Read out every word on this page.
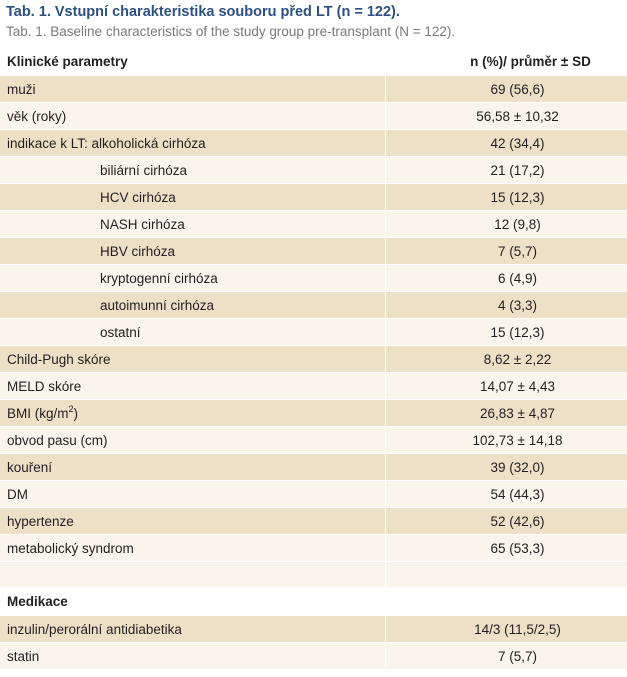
Tab. 1. Vstupní charakteristika souboru před LT (n = 122).

Tab. 1. Baseline characteristics of the study group pre-transplant (N = 122).

Klinické parametry	n (%)/ průměr ± SD
muži	69 (56,6)
věk (roky)	56,58 ± 10,32
indikace k LT: alkoholická cirhóza	42 (34,4)
biliární cirhóza	21 (17,2)
HCV cirhóza	15 (12,3)
NASH cirhóza	12 (9,8)
HBV cirhóza	7 (5,7)
kryptogenní cirhóza	6 (4,9)
autoimunní cirhóza	4 (3,3)
ostatní	15 (12,3)
Child-Pugh skóre	8,62 ± 2,22
MELD skóre	14,07 ± 4,43
BMI $(kg/m^2)$	26,83 ± 4,87
obvod pasu (cm)	102,73 ± 14,18
kouření	39 (32,0)
DM	54 (44,3)
hypertenze	52 (42,6)
metabolický syndrom	65 (53,3)
Medikace
inzulin/perorální antidiabetika	14/3 (11,5/2,5)
statin	7 (5,7)
